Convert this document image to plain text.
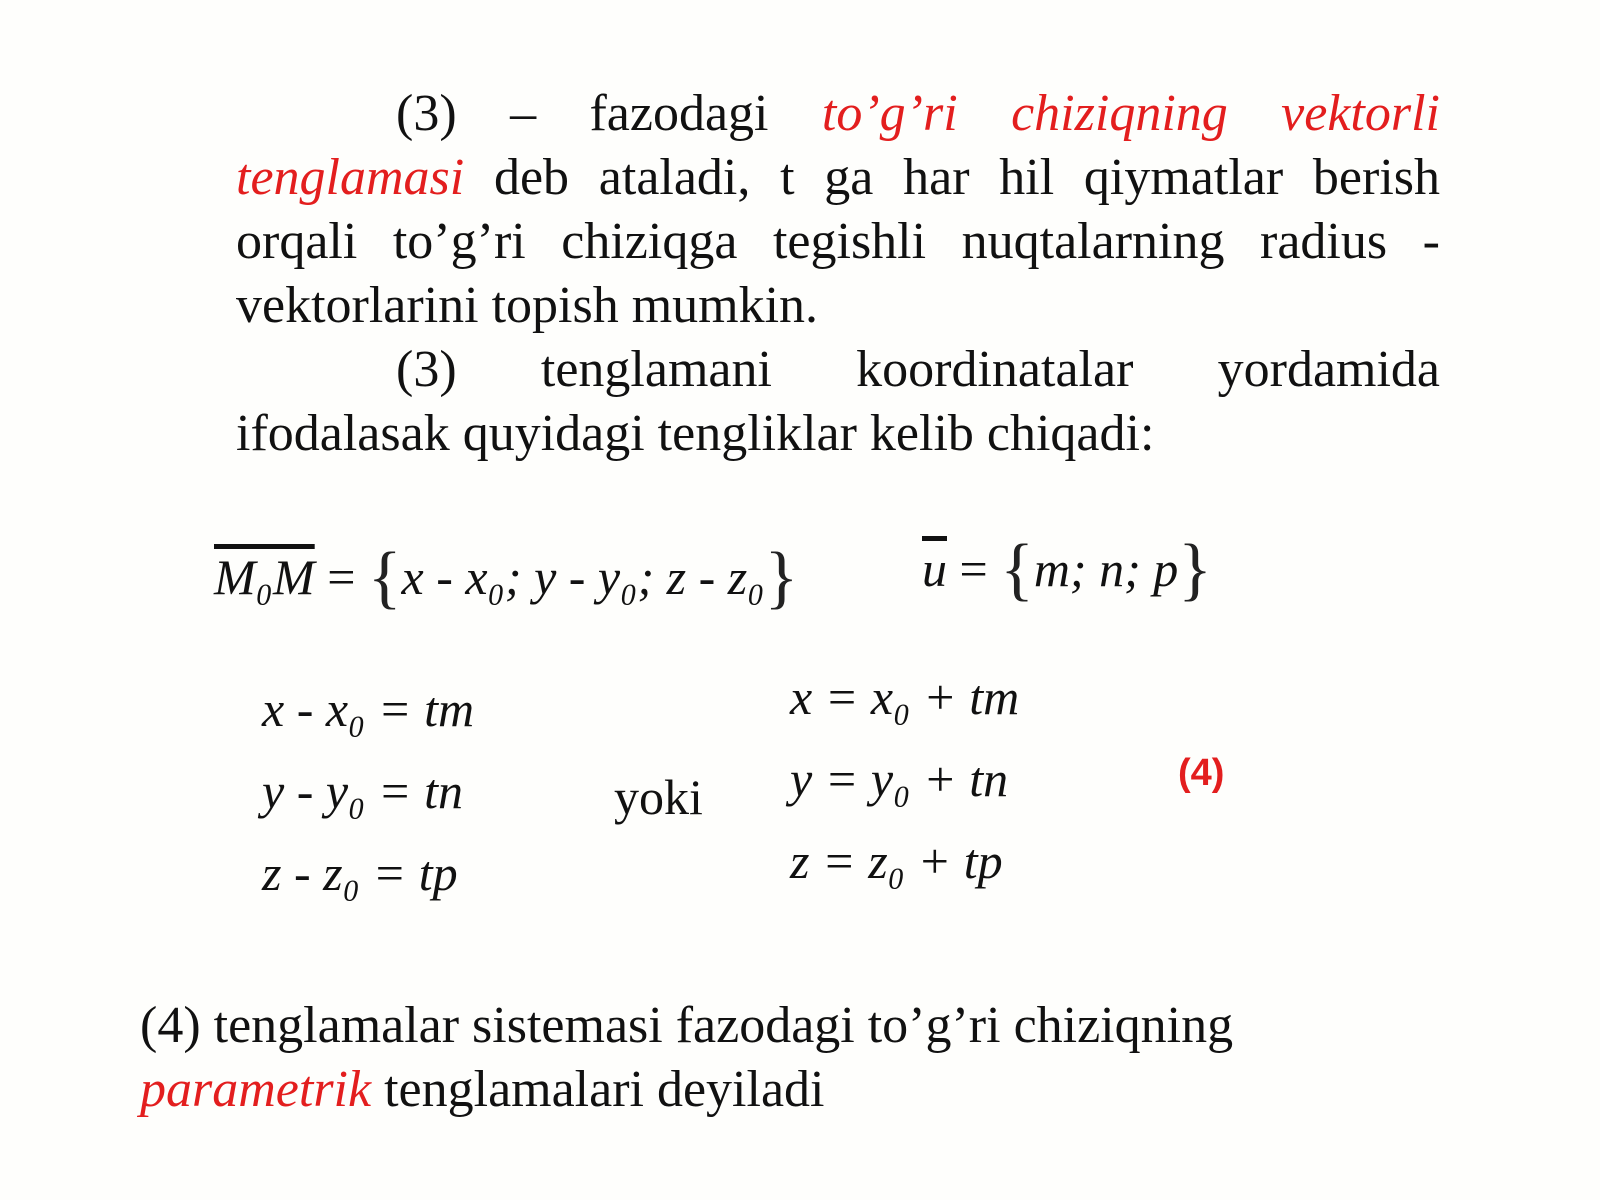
(3) – fazodagi to’g’ri chiziqning vektorli tenglamasi deb ataladi, t ga har hil qiymatlar berish orqali to’g’ri chiziqga tegishli nuqtalarning radius - vektorlarini topish mumkin.
(3) tenglamani koordinatalar yordamida ifodalasak quyidagi tengliklar kelib chiqadi:
M₀M = {x - x₀; y - y₀; z - z₀} $\overline{u} = \{m$; n; p}
x - x₀ = tm
y - y₀ = tn
z - z₀ = tp
yoki
x = x₀ + tm
y = y₀ + tn
z = z₀ + tp
(4)
(4) tenglamalar sistemasi fazodagi to’g’ri chiziqning
parametrik tenglamalari deyiladi
